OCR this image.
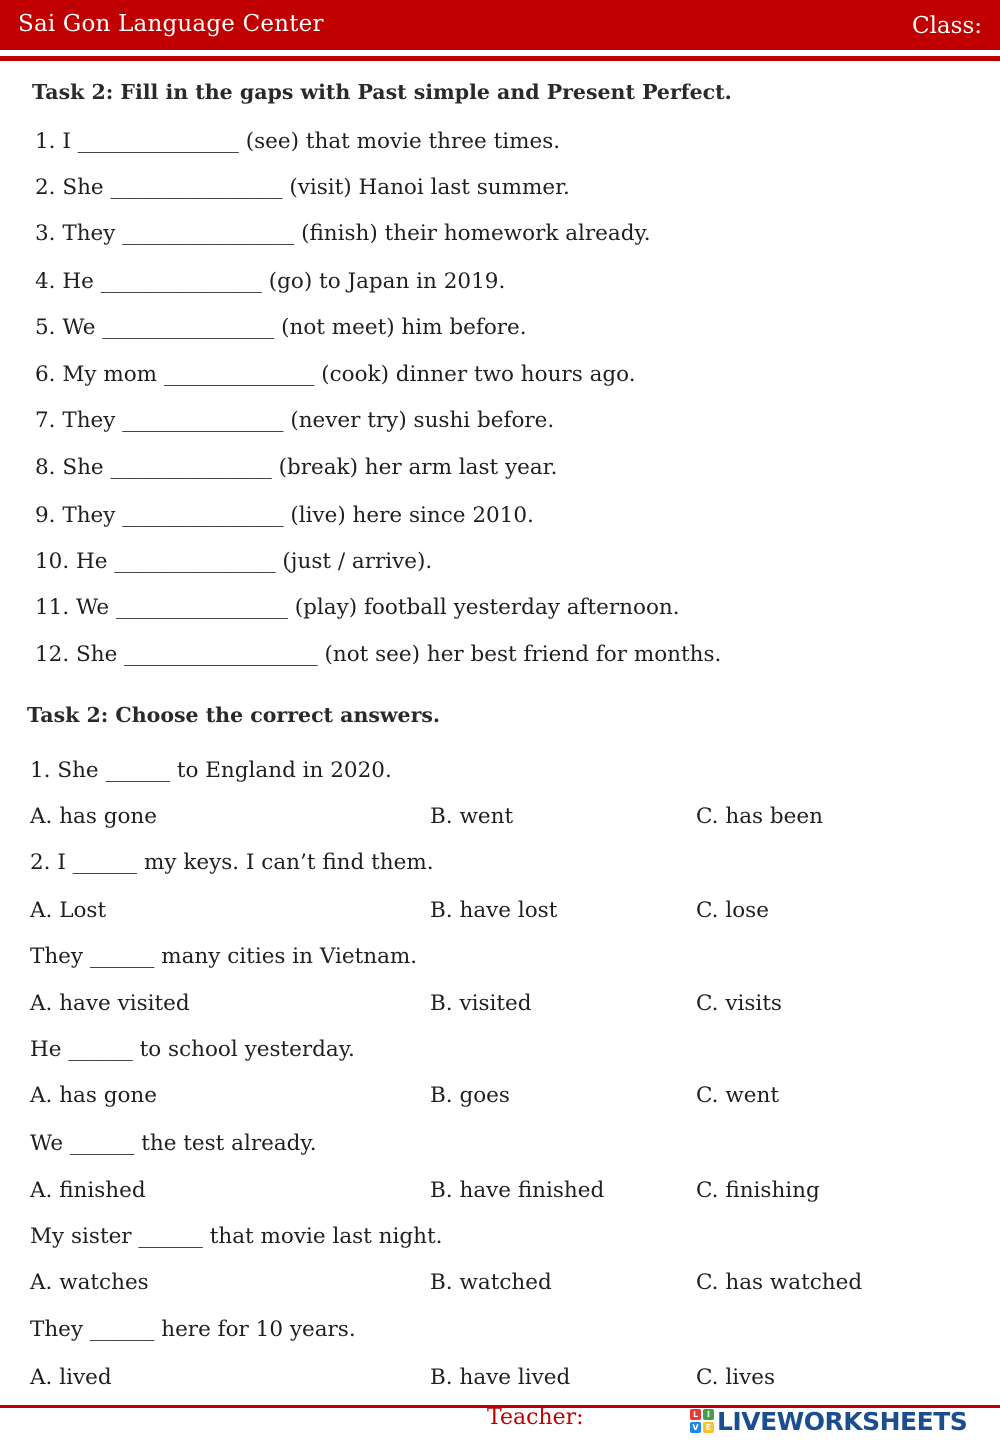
Sai Gon Language Center	Class:
Task 2: Fill in the gaps with Past simple and Present Perfect.
1. I _______________ (see) that movie three times.
2. She ________________ (visit) Hanoi last summer.
3. They ________________ (finish) their homework already.
4. He _______________ (go) to Japan in 2019.
5. We ________________ (not meet) him before.
6. My mom ______________ (cook) dinner two hours ago.
7. They _______________ (never try) sushi before.
8. She _______________ (break) her arm last year.
9. They _______________ (live) here since 2010.
10. He _______________ (just / arrive).
11. We ________________ (play) football yesterday afternoon.
12. She __________________ (not see) her best friend for months.
Task 2: Choose the correct answers.
1. She ______ to England in 2020.
A. has gone	B. went	C. has been
2. I ______ my keys. I can’t find them.
A. Lost	B. have lost	C. lose
They ______ many cities in Vietnam.
A. have visited	B. visited	C. visits
He ______ to school yesterday.
A. has gone	B. goes	C. went
We ______ the test already.
A. finished	B. have finished	C. finishing
My sister ______ that movie last night.
A. watches	B. watched	C. has watched
They ______ here for 10 years.
A. lived	B. have lived	C. lives
Teacher:	L	I
V E LIVEWORKSHEETS
